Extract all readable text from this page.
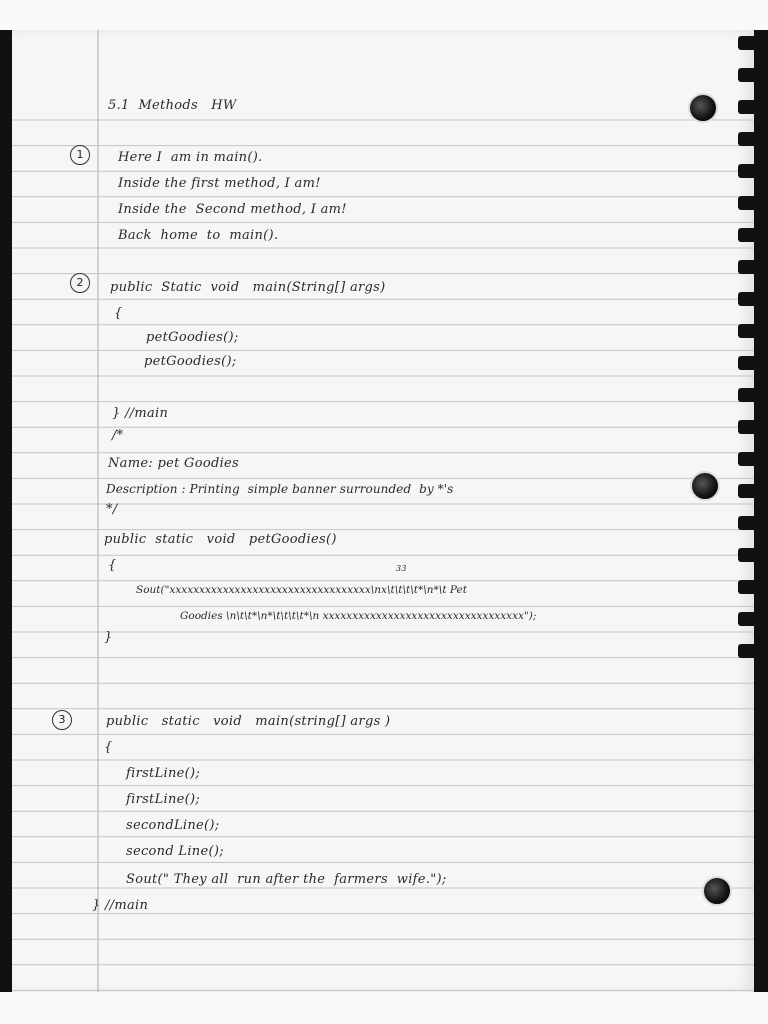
5.1  Methods   HW

1	Here I  am in main().

Inside the first method, I am!

Inside the  Second method, I am!

Back  home  to  main().

2	public  Static  void   main(String[] args)

{

petGoodies();

petGoodies();

} //main

/*

Name: pet Goodies

Description : Printing  simple banner surrounded  by *'s

*/

public  static   void   petGoodies()

{	33

Sout("xxxxxxxxxxxxxxxxxxxxxxxxxxxxxxxxxx\nx\t\t\t\t*\n*\t Pet

Goodies \n\t\t*\n*\t\t\t\t*\n xxxxxxxxxxxxxxxxxxxxxxxxxxxxxxxxxx");

}

3	public   static   void   main(string[] args )

{

firstLine();

firstLine();

secondLine();

second Line();

Sout(" They all  run after the  farmers  wife.");

} //main
